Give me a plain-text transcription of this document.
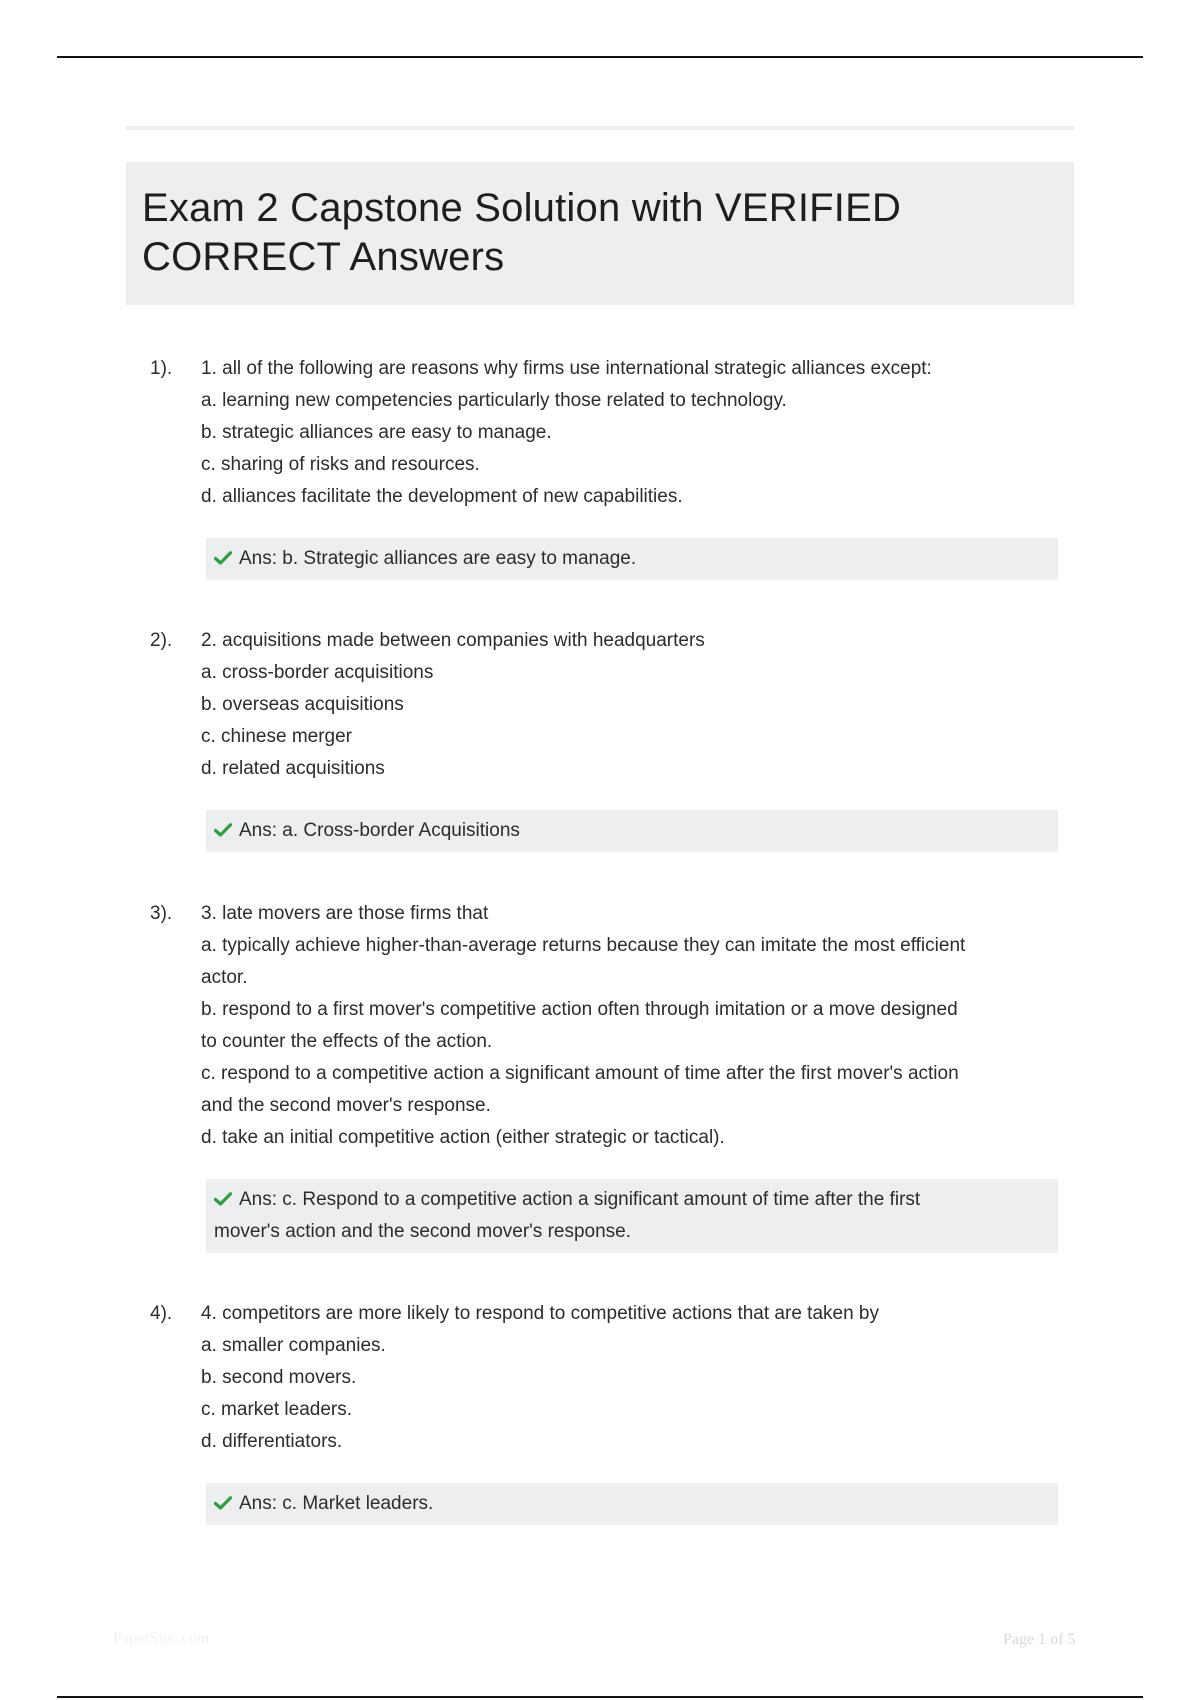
Exam 2 Capstone Solution with VERIFIED CORRECT Answers
1). 1. all of the following are reasons why firms use international strategic alliances except:
a. learning new competencies particularly those related to technology.
b. strategic alliances are easy to manage.
c. sharing of risks and resources.
d. alliances facilitate the development of new capabilities.
Ans: b. Strategic alliances are easy to manage.
2). 2. acquisitions made between companies with headquarters
a. cross-border acquisitions
b. overseas acquisitions
c. chinese merger
d. related acquisitions
Ans: a. Cross-border Acquisitions
3). 3. late movers are those firms that
a. typically achieve higher-than-average returns because they can imitate the most efficient
actor.
b. respond to a first mover's competitive action often through imitation or a move designed
to counter the effects of the action.
c. respond to a competitive action a significant amount of time after the first mover's action
and the second mover's response.
d. take an initial competitive action (either strategic or tactical).
Ans: c. Respond to a competitive action a significant amount of time after the first
mover's action and the second mover's response.
4). 4. competitors are more likely to respond to competitive actions that are taken by
a. smaller companies.
b. second movers.
c. market leaders.
d. differentiators.
Ans: c. Market leaders.
PaperStoc.com	Page 1 of 5
